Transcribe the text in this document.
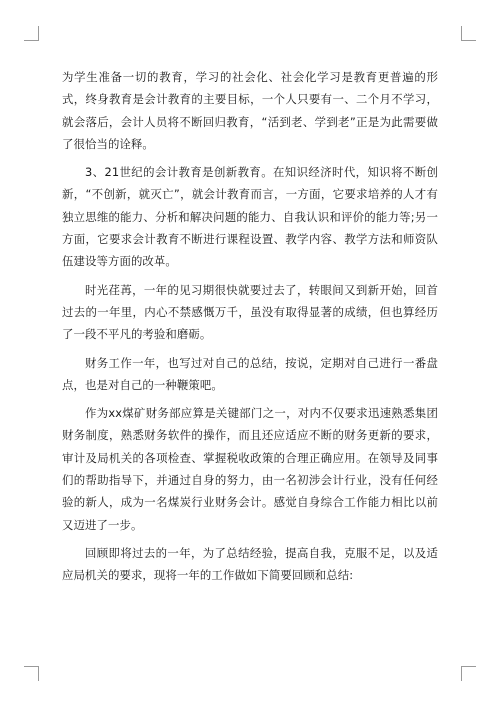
为学生准备一切的教育，学习的社会化、社会化学习是教育更普遍的形式，终身教育是会计教育的主要目标，一个人只要有一、二个月不学习，就会落后，会计人员将不断回归教育，“活到老、学到老”正是为此需要做了很恰当的诠释。

3、21世纪的会计教育是创新教育。在知识经济时代，知识将不断创新，“不创新，就灭亡”，就会计教育而言，一方面，它要求培养的人才有独立思维的能力、分析和解决问题的能力、自我认识和评价的能力等;另一方面，它要求会计教育不断进行课程设置、教学内容、教学方法和师资队伍建设等方面的改革。

时光荏苒，一年的见习期很快就要过去了，转眼间又到新开始，回首过去的一年里，内心不禁感慨万千，虽没有取得显著的成绩，但也算经历了一段不平凡的考验和磨砺。

财务工作一年，也写过对自己的总结，按说，定期对自己进行一番盘点，也是对自己的一种鞭策吧。

作为xx煤矿财务部应算是关键部门之一，对内不仅要求迅速熟悉集团财务制度，熟悉财务软件的操作，而且还应适应不断的财务更新的要求，审计及局机关的各项检查、掌握税收政策的合理正确应用。在领导及同事们的帮助指导下，并通过自身的努力，由一名初涉会计行业，没有任何经验的新人，成为一名煤炭行业财务会计。感觉自身综合工作能力相比以前又迈进了一步。

回顾即将过去的一年，为了总结经验，提高自我，克服不足，以及适应局机关的要求，现将一年的工作做如下简要回顾和总结:
